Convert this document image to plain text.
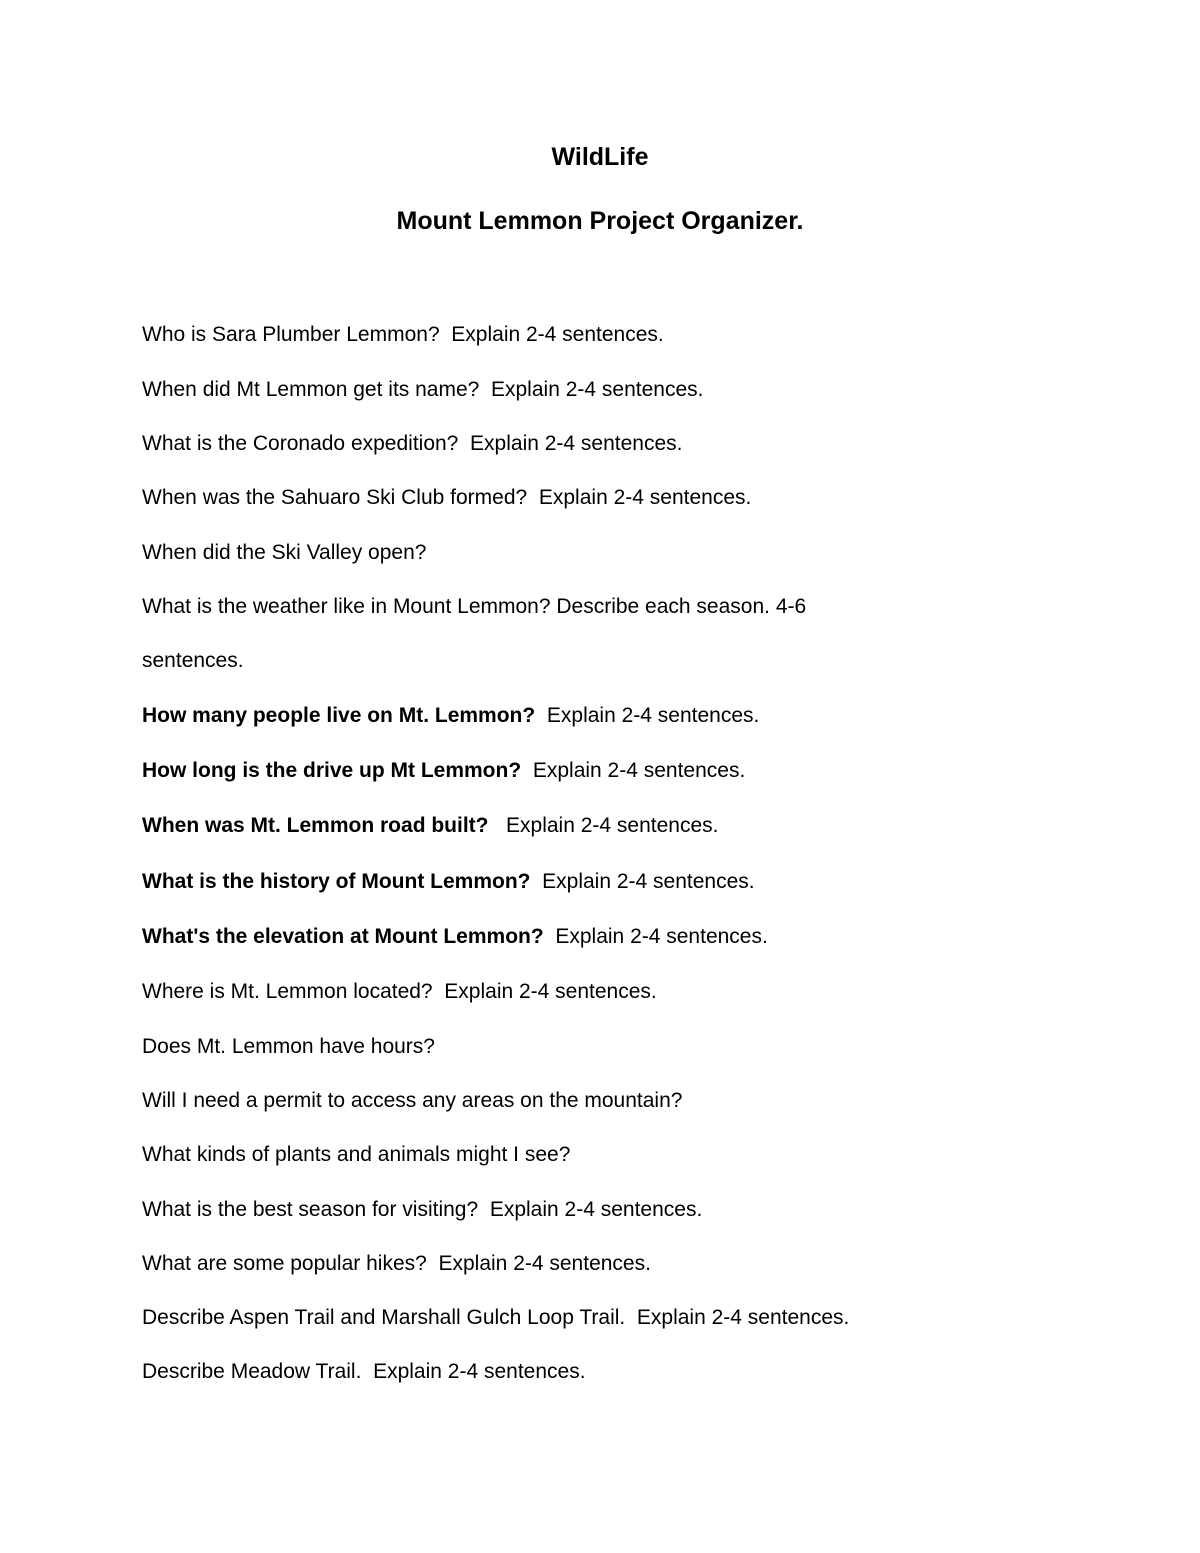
WildLife
Mount Lemmon Project Organizer.
Who is Sara Plumber Lemmon?  Explain 2-4 sentences.
When did Mt Lemmon get its name?  Explain 2-4 sentences.
What is the Coronado expedition?  Explain 2-4 sentences.
When was the Sahuaro Ski Club formed?  Explain 2-4 sentences.
When did the Ski Valley open?
What is the weather like in Mount Lemmon? Describe each season. 4-6
sentences.
How many people live on Mt. Lemmon?  Explain 2-4 sentences.
How long is the drive up Mt Lemmon?  Explain 2-4 sentences.
When was Mt. Lemmon road built?   Explain 2-4 sentences.
What is the history of Mount Lemmon?  Explain 2-4 sentences.
What's the elevation at Mount Lemmon?  Explain 2-4 sentences.
Where is Mt. Lemmon located?  Explain 2-4 sentences.
Does Mt. Lemmon have hours?
Will I need a permit to access any areas on the mountain?
What kinds of plants and animals might I see?
What is the best season for visiting?  Explain 2-4 sentences.
What are some popular hikes?  Explain 2-4 sentences.
Describe Aspen Trail and Marshall Gulch Loop Trail.  Explain 2-4 sentences.
Describe Meadow Trail.  Explain 2-4 sentences.
